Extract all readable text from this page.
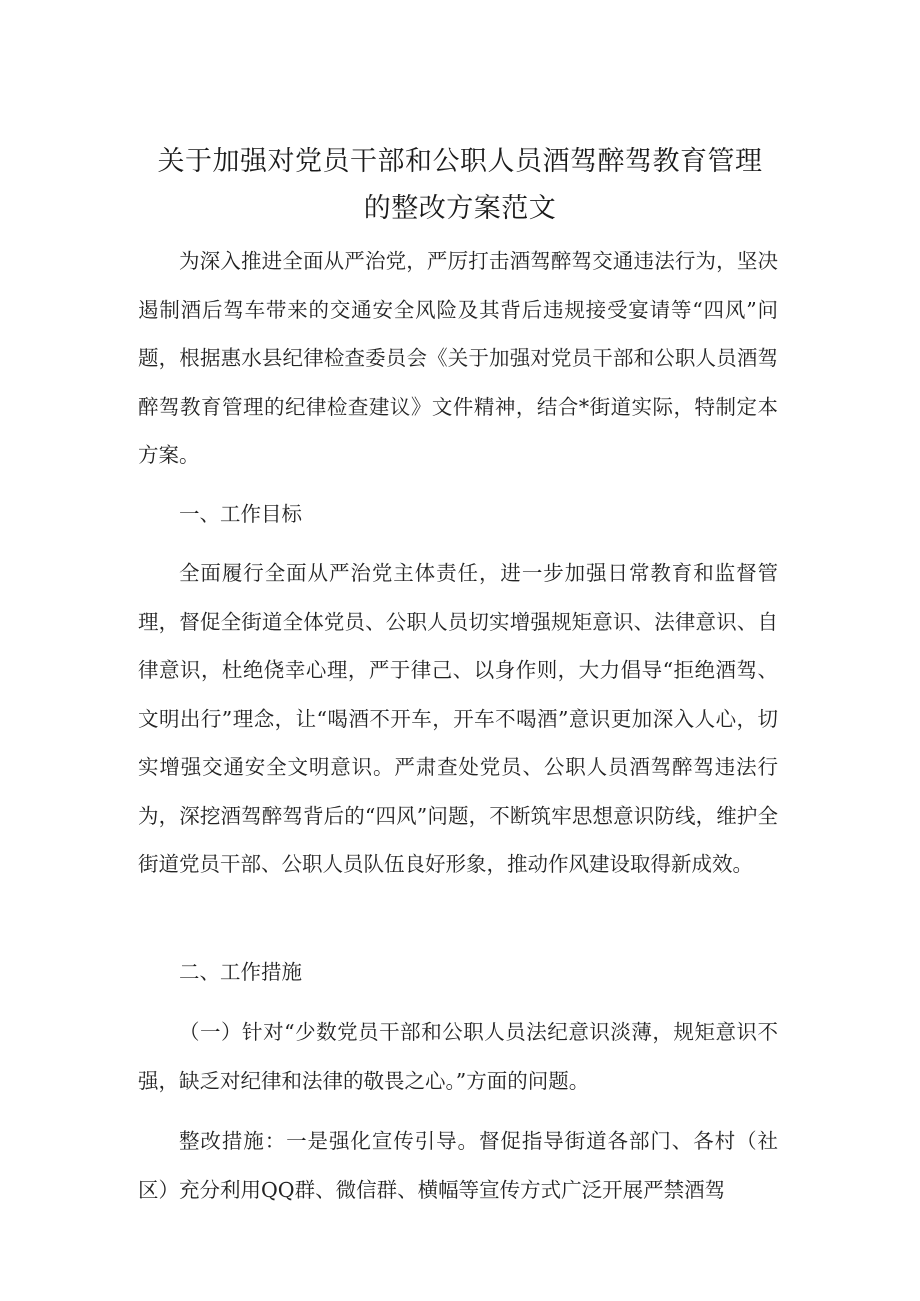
关于加强对党员干部和公职人员酒驾醉驾教育管理
的整改方案范文

为深入推进全面从严治党，严厉打击酒驾醉驾交通违法行为，坚决遏制酒后驾车带来的交通安全风险及其背后违规接受宴请等“四风”问题，根据惠水县纪律检查委员会《关于加强对党员干部和公职人员酒驾醉驾教育管理的纪律检查建议》文件精神，结合*街道实际，特制定本方案。

一、工作目标

全面履行全面从严治党主体责任，进一步加强日常教育和监督管理，督促全街道全体党员、公职人员切实增强规矩意识、法律意识、自律意识，杜绝侥幸心理，严于律己、以身作则，大力倡导“拒绝酒驾、文明出行”理念，让“喝酒不开车，开车不喝酒”意识更加深入人心，切实增强交通安全文明意识。严肃查处党员、公职人员酒驾醉驾违法行为，深挖酒驾醉驾背后的“四风”问题，不断筑牢思想意识防线，维护全街道党员干部、公职人员队伍良好形象，推动作风建设取得新成效。

二、工作措施

（一）针对“少数党员干部和公职人员法纪意识淡薄，规矩意识不强，缺乏对纪律和法律的敬畏之心。”方面的问题。

整改措施：一是强化宣传引导。督促指导街道各部门、各村（社区）充分利用QQ群、微信群、横幅等宣传方式广泛开展严禁酒驾
